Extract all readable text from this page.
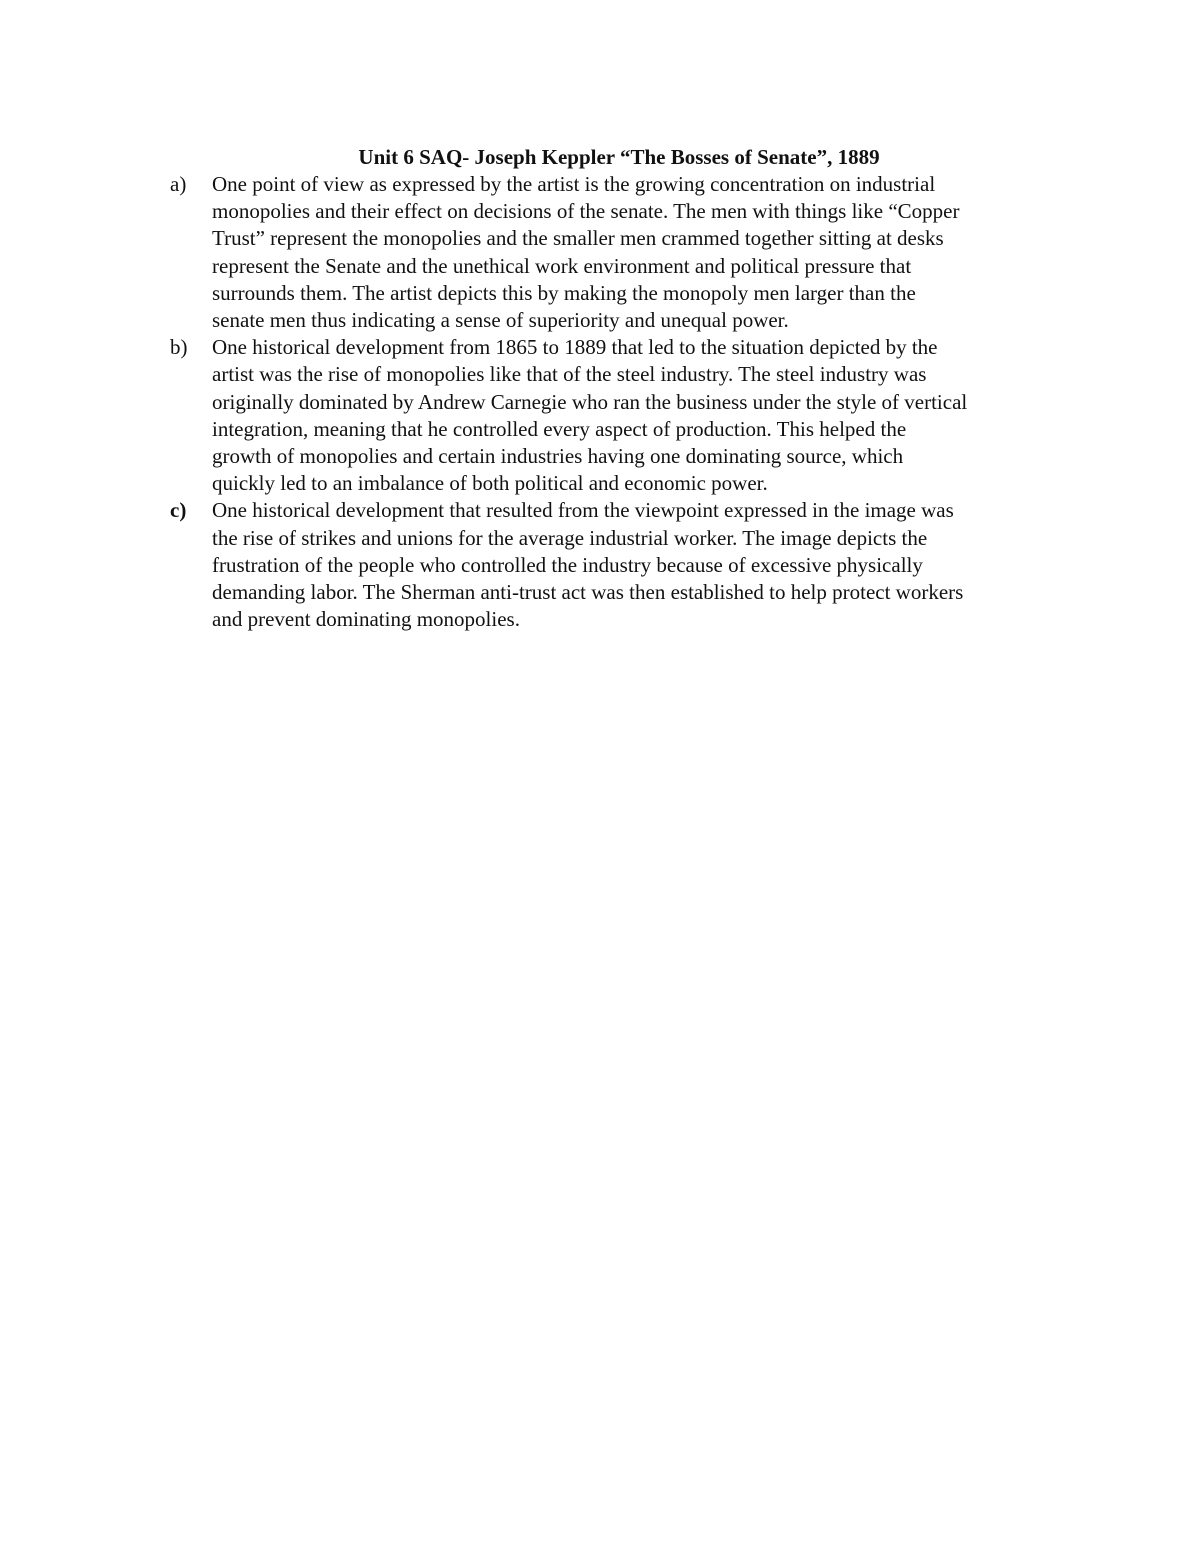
Unit 6 SAQ- Joseph Keppler “The Bosses of Senate”, 1889
a)	One point of view as expressed by the artist is the growing concentration on industrial
monopolies and their effect on decisions of the senate. The men with things like “Copper
Trust” represent the monopolies and the smaller men crammed together sitting at desks
represent the Senate and the unethical work environment and political pressure that
surrounds them. The artist depicts this by making the monopoly men larger than the
senate men thus indicating a sense of superiority and unequal power.
b)	One historical development from 1865 to 1889 that led to the situation depicted by the
artist was the rise of monopolies like that of the steel industry. The steel industry was
originally dominated by Andrew Carnegie who ran the business under the style of vertical
integration, meaning that he controlled every aspect of production. This helped the
growth of monopolies and certain industries having one dominating source, which
quickly led to an imbalance of both political and economic power.
c)	One historical development that resulted from the viewpoint expressed in the image was
the rise of strikes and unions for the average industrial worker. The image depicts the
frustration of the people who controlled the industry because of excessive physically
demanding labor. The Sherman anti-trust act was then established to help protect workers
and prevent dominating monopolies.
